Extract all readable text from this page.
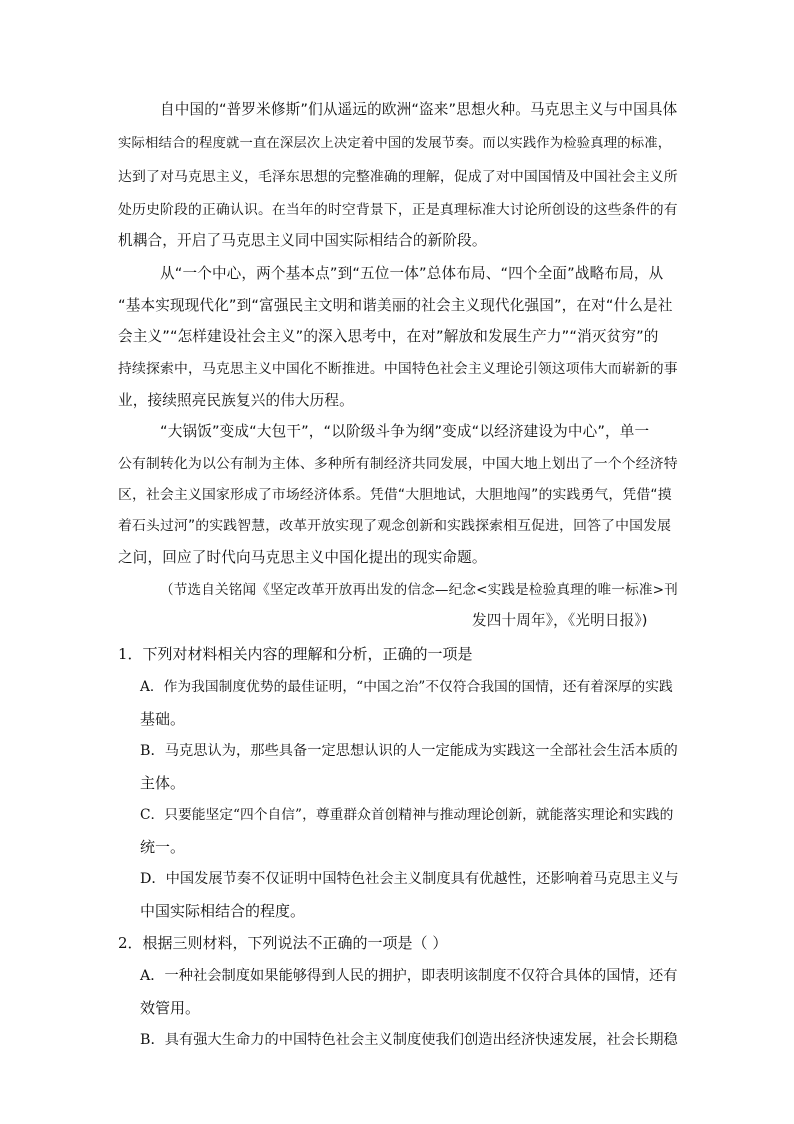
自中国的“普罗米修斯”们从遥远的欧洲“盗来”思想火种。马克思主义与中国具体

实际相结合的程度就一直在深层次上决定着中国的发展节奏。而以实践作为检验真理的标准，

达到了对马克思主义，毛泽东思想的完整准确的理解，促成了对中国国情及中国社会主义所

处历史阶段的正确认识。在当年的时空背景下，正是真理标准大讨论所创设的这些条件的有

机耦合，开启了马克思主义同中国实际相结合的新阶段。

从“一个中心，两个基本点”到“五位一体”总体布局、“四个全面”战略布局，从

“基本实现现代化”到“富强民主文明和谐美丽的社会主义现代化强国”，在对“什么是社

会主义”“怎样建设社会主义”的深入思考中，在对”解放和发展生产力”“消灭贫穷”的

持续探索中，马克思主义中国化不断推进。中国特色社会主义理论引领这项伟大而崭新的事

业，接续照亮民族复兴的伟大历程。

“大锅饭”变成“大包干”，“以阶级斗争为纲”变成“以经济建设为中心”，单一

公有制转化为以公有制为主体、多种所有制经济共同发展，中国大地上划出了一个个经济特

区，社会主义国家形成了市场经济体系。凭借“大胆地试，大胆地闯”的实践勇气，凭借“摸

着石头过河”的实践智慧，改革开放实现了观念创新和实践探索相互促进，回答了中国发展

之问，回应了时代向马克思主义中国化提出的现实命题。

（节选自关铭闻《坚定改革开放再出发的信念—纪念<实践是检验真理的唯一标准>刊

发四十周年》，《光明日报》)

1．下列对材料相关内容的理解和分析，正确的一项是

A．作为我国制度优势的最佳证明，“中国之治”不仅符合我国的国情，还有着深厚的实践

基础。

B．马克思认为，那些具备一定思想认识的人一定能成为实践这一全部社会生活本质的

主体。

C．只要能坚定“四个自信”，尊重群众首创精神与推动理论创新，就能落实理论和实践的

统一。

D．中国发展节奏不仅证明中国特色社会主义制度具有优越性，还影响着马克思主义与

中国实际相结合的程度。

2．根据三则材料，下列说法不正确的一项是（ ）

A．一种社会制度如果能够得到人民的拥护，即表明该制度不仅符合具体的国情，还有

效管用。

B．具有强大生命力的中国特色社会主义制度使我们创造出经济快速发展，社会长期稳
